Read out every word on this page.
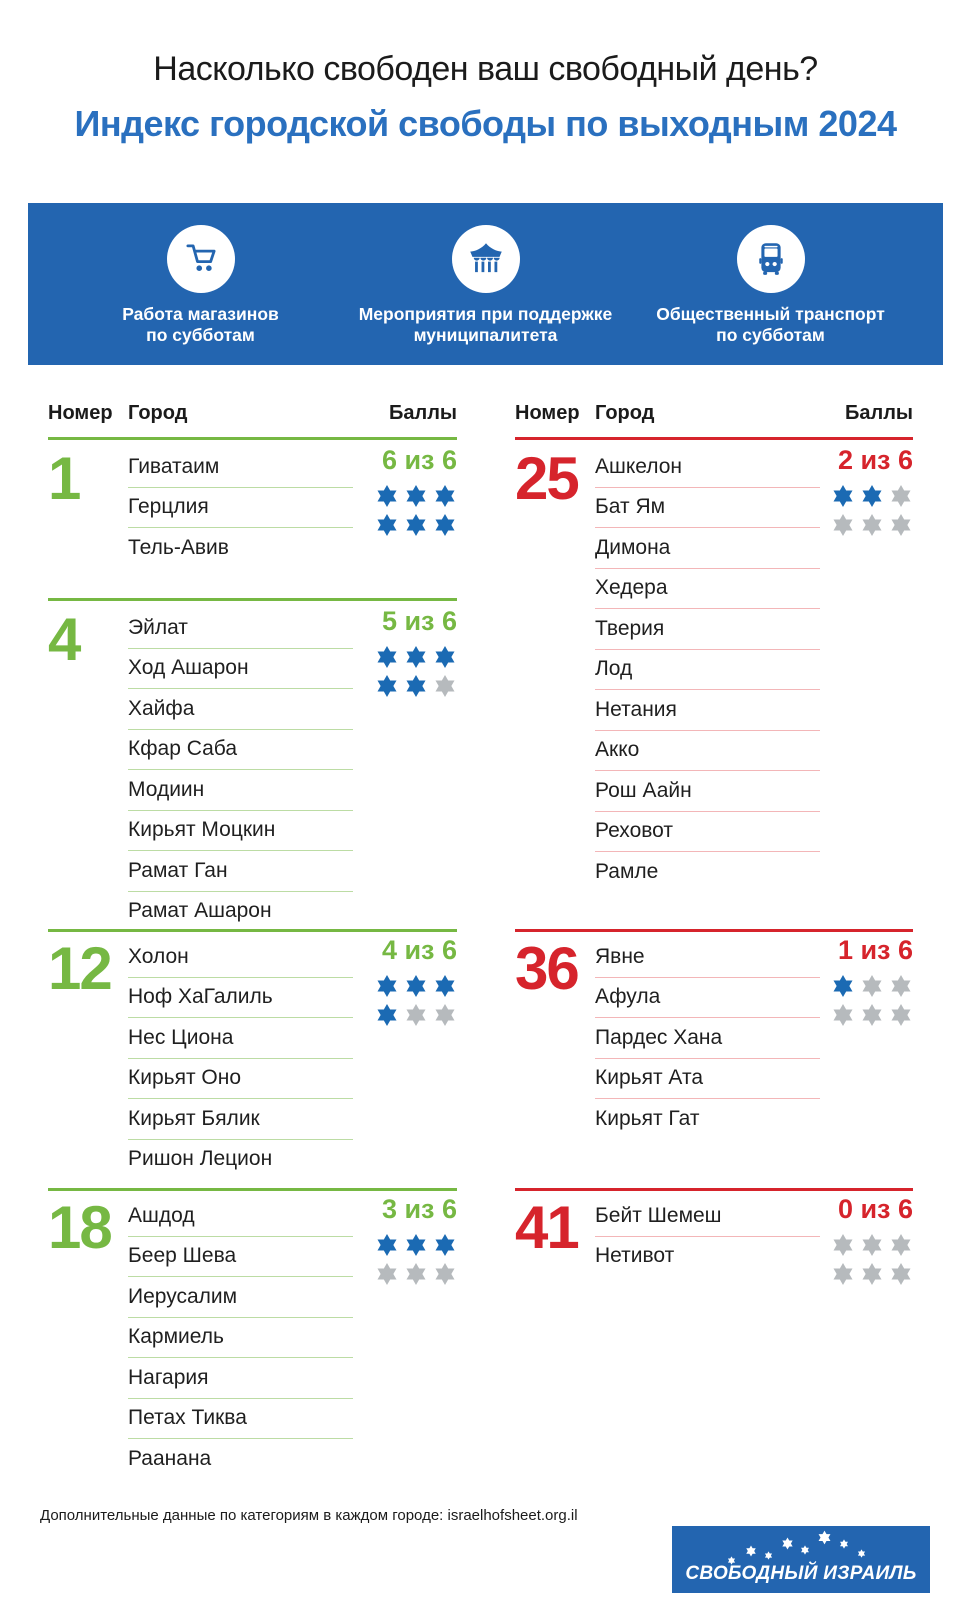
Насколько свободен ваш свободный день?
Индекс городской свободы по выходным 2024
Работа магазинов
по субботам
Мероприятия при поддержке
муниципалитета
Общественный транспорт
по субботам
Номер Город	Баллы
1 Гиватаим
Герцлия
Тель-Авив
6 из 6
4 Эйлат
Ход Ашарон
Хайфа
Кфар Саба
Модиин
Кирьят Моцкин
Рамат Ган
Рамат Ашарон
5 из 6
12 Холон
Ноф ХаГалиль
Нес Циона
Кирьят Оно
Кирьят Бялик
Ришон Лецион
4 из 6
18 Ашдод
Беер Шева
Иерусалим
Кармиель
Нагария
Петах Тиква
Раанана
3 из 6
Номер Город	Баллы
25 Ашкелон
Бат Ям
Димона
Хедера
Тверия
Лод
Нетания
Акко
Рош Аайн
Реховот
Рамле
2 из 6
36 Явне
Афула
Пардес Хана
Кирьят Ата
Кирьят Гат
1 из 6
41 Бейт Шемеш
Нетивот
0 из 6
Дополнительные данные по категориям в каждом городе: israelhofsheet.org.il
СВОБОДНЫЙ ИЗРАИЛЬ
